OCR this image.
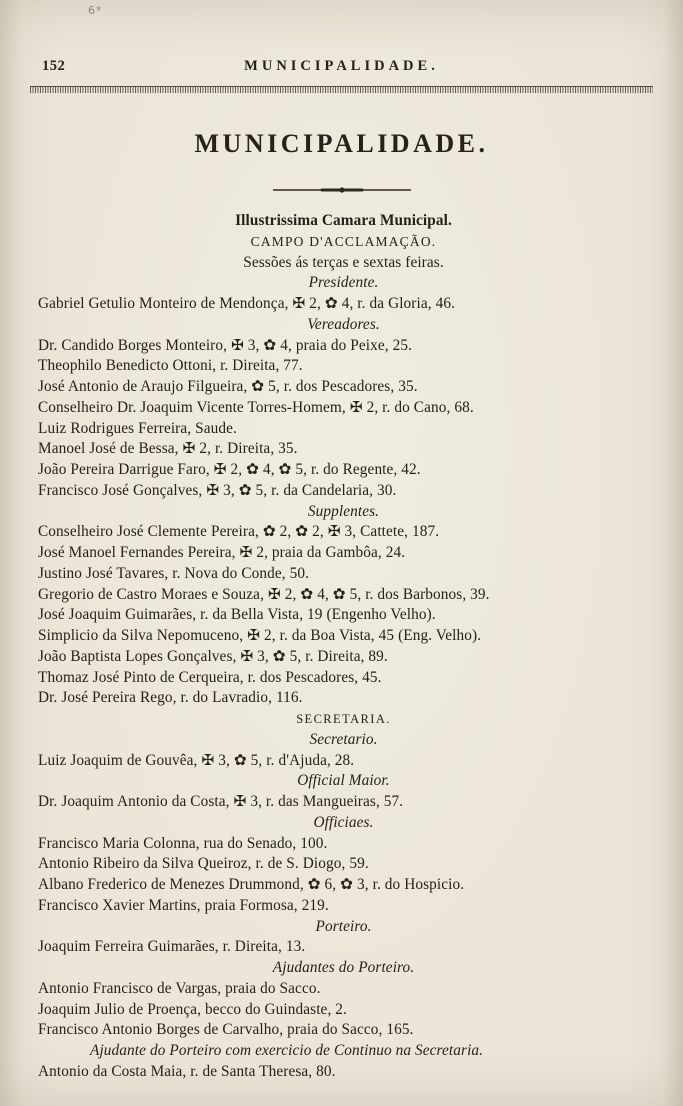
6*
152	MUNICIPALIDADE.
MUNICIPALIDADE.
Illustrissima Camara Municipal.
CAMPO D'ACCLAMAÇÃO.
Sessões ás terças e sextas feiras.
Presidente.
Gabriel Getulio Monteiro de Mendonça, ✠ 2, ✿ 4, r. da Gloria, 46.
Vereadores.
Dr. Candido Borges Monteiro, ✠ 3, ✿ 4, praia do Peixe, 25.
Theophilo Benedicto Ottoni, r. Direita, 77.
José Antonio de Araujo Filgueira, ✿ 5, r. dos Pescadores, 35.
Conselheiro Dr. Joaquim Vicente Torres-Homem, ✠ 2, r. do Cano, 68.
Luiz Rodrigues Ferreira, Saude.
Manoel José de Bessa, ✠ 2, r. Direita, 35.
João Pereira Darrigue Faro, ✠ 2, ✿ 4, ✿ 5, r. do Regente, 42.
Francisco José Gonçalves, ✠ 3, ✿ 5, r. da Candelaria, 30.
Supplentes.
Conselheiro José Clemente Pereira, ✿ 2, ✿ 2, ✠ 3, Cattete, 187.
José Manoel Fernandes Pereira, ✠ 2, praia da Gambôa, 24.
Justino José Tavares, r. Nova do Conde, 50.
Gregorio de Castro Moraes e Souza, ✠ 2, ✿ 4, ✿ 5, r. dos Barbonos, 39.
José Joaquim Guimarães, r. da Bella Vista, 19 (Engenho Velho).
Simplicio da Silva Nepomuceno, ✠ 2, r. da Boa Vista, 45 (Eng. Velho).
João Baptista Lopes Gonçalves, ✠ 3, ✿ 5, r. Direita, 89.
Thomaz José Pinto de Cerqueira, r. dos Pescadores, 45.
Dr. José Pereira Rego, r. do Lavradio, 116.
SECRETARIA.
Secretario.
Luiz Joaquim de Gouvêa, ✠ 3, ✿ 5, r. d'Ajuda, 28.
Official Maior.
Dr. Joaquim Antonio da Costa, ✠ 3, r. das Mangueiras, 57.
Officiaes.
Francisco Maria Colonna, rua do Senado, 100.
Antonio Ribeiro da Silva Queiroz, r. de S. Diogo, 59.
Albano Frederico de Menezes Drummond, ✿ 6, ✿ 3, r. do Hospicio.
Francisco Xavier Martins, praia Formosa, 219.
Porteiro.
Joaquim Ferreira Guimarães, r. Direita, 13.
Ajudantes do Porteiro.
Antonio Francisco de Vargas, praia do Sacco.
Joaquim Julio de Proença, becco do Guindaste, 2.
Francisco Antonio Borges de Carvalho, praia do Sacco, 165.
Ajudante do Porteiro com exercicio de Continuo na Secretaria.
Antonio da Costa Maia, r. de Santa Theresa, 80.
